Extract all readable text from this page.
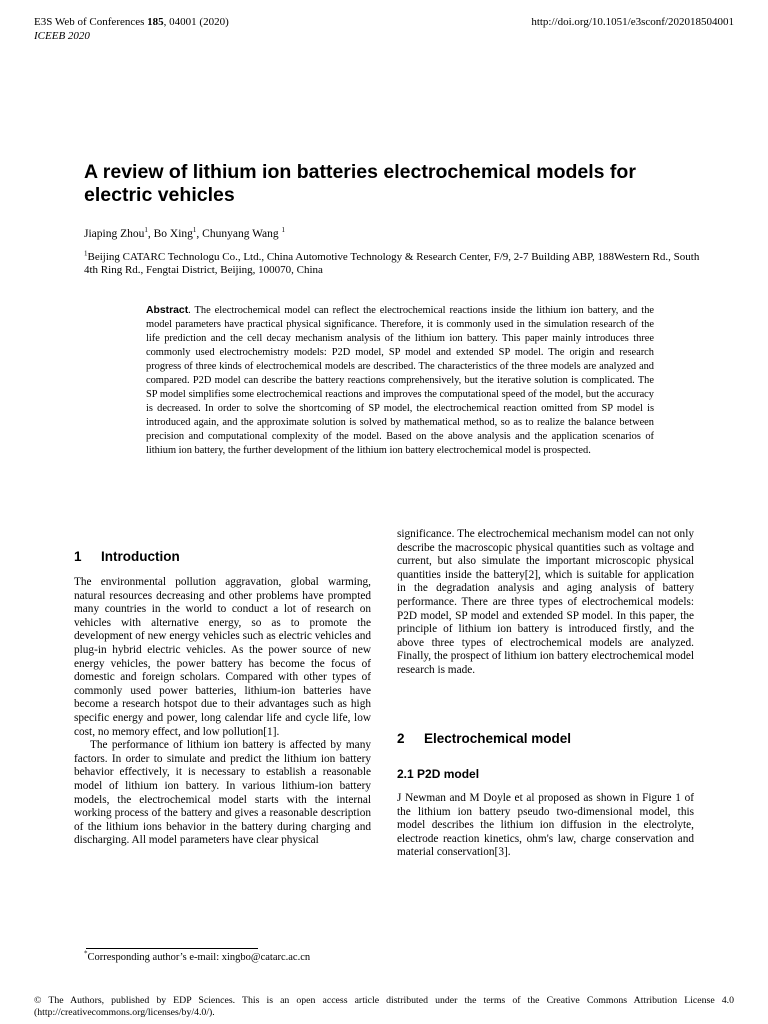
E3S Web of Conferences 185, 04001 (2020)	http://doi.org/10.1051/e3sconf/202018504001
ICEEB 2020
A review of lithium ion batteries electrochemical models for electric vehicles
Jiaping Zhou$^1$, Bo Xing$^1$, Chunyang Wang $^1$
$^1$Beijing CATARC Technologu Co., Ltd., China Automotive Technology & Research Center, F/9, 2-7 Building ABP, 188Western Rd., South 4th Ring Rd., Fengtai District, Beijing, 100070, China
Abstract. The electrochemical model can reflect the electrochemical reactions inside the lithium ion battery, and the model parameters have practical physical significance. Therefore, it is commonly used in the simulation research of the life prediction and the cell decay mechanism analysis of the lithium ion battery. This paper mainly introduces three commonly used electrochemistry models: P2D model, SP model and extended SP model. The origin and research progress of three kinds of electrochemical models are described. The characteristics of the three models are analyzed and compared. P2D model can describe the battery reactions comprehensively, but the iterative solution is complicated. The SP model simplifies some electrochemical reactions and improves the computational speed of the model, but the accuracy is decreased. In order to solve the shortcoming of SP model, the electrochemical reaction omitted from SP model is introduced again, and the approximate solution is solved by mathematical method, so as to realize the balance between precision and computational complexity of the model. Based on the above analysis and the application scenarios of lithium ion battery, the further development of the lithium ion battery electrochemical model is prospected.
1 Introduction

The environmental pollution aggravation, global warming, natural resources decreasing and other problems have prompted many countries in the world to conduct a lot of research on vehicles with alternative energy, so as to promote the development of new energy vehicles such as electric vehicles and plug-in hybrid electric vehicles. As the power source of new energy vehicles, the power battery has become the focus of domestic and foreign scholars. Compared with other types of commonly used power batteries, lithium-ion batteries have become a research hotspot due to their advantages such as high specific energy and power, long calendar life and cycle life, low cost, no memory effect, and low pollution[1].

The performance of lithium ion battery is affected by many factors. In order to simulate and predict the lithium ion battery behavior effectively, it is necessary to establish a reasonable model of lithium ion battery. In various lithium-ion battery models, the electrochemical model starts with the internal working process of the battery and gives a reasonable description of the lithium ions behavior in the battery during charging and discharging. All model parameters have clear physical

significance. The electrochemical mechanism model can not only describe the macroscopic physical quantities such as voltage and current, but also simulate the important microscopic physical quantities inside the battery[2], which is suitable for application in the degradation analysis and aging analysis of battery performance. There are three types of electrochemical models: P2D model, SP model and extended SP model. In this paper, the principle of lithium ion battery is introduced firstly, and the above three types of electrochemical models are analyzed. Finally, the prospect of lithium ion battery electrochemical model research is made.

2 Electrochemical model
2.1 P2D model
J Newman and M Doyle et al proposed as shown in Figure 1 of the lithium ion battery pseudo two-dimensional model, this model describes the lithium ion diffusion in the electrolyte, electrode reaction kinetics, ohm's law, charge conservation and material conservation[3].
*Corresponding author’s e-mail: xingbo@catarc.ac.cn
© The Authors, published by EDP Sciences. This is an open access article distributed under the terms of the Creative Commons Attribution License 4.0 (http://creativecommons.org/licenses/by/4.0/).
